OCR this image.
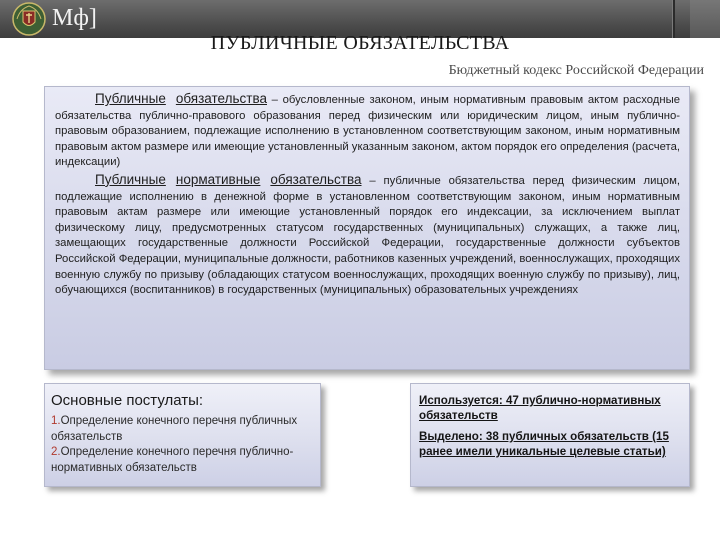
Мф]
ПУБЛИЧНЫЕ ОБЯЗАТЕЛЬСТВА
Бюджетный кодекс Российской Федерации

Публичные обязательства – обусловленные законом, иным нормативным правовым актом расходные обязательства публично-правового образования перед физическим или юридическим лицом, иным публично-правовым образованием, подлежащие исполнению в установленном соответствующим законом, иным нормативным правовым актом размере или имеющие установленный указанным законом, актом порядок его определения (расчета, индексации)

Публичные нормативные обязательства – публичные обязательства перед физическим лицом, подлежащие исполнению в денежной форме в установленном соответствующим законом, иным нормативным правовым актам размере или имеющие установленный порядок его индексации, за исключением выплат физическому лицу, предусмотренных статусом государственных (муниципальных) служащих, а также лиц, замещающих государственные должности Российской Федерации, государственные должности субъектов Российской Федерации, муниципальные должности, работников казенных учреждений, военнослужащих, проходящих военную службу по призыву (обладающих статусом военнослужащих, проходящих военную службу по призыву), лиц, обучающихся (воспитанников) в государственных (муниципальных) образовательных учреждениях

Основные постулаты:
1.Определение конечного перечня публичных обязательств
2.Определение конечного перечня публично-нормативных обязательств
Используется: 47 публично-нормативных обязательств
Выделено: 38 публичных обязательств (15 ранее имели уникальные целевые статьи)
